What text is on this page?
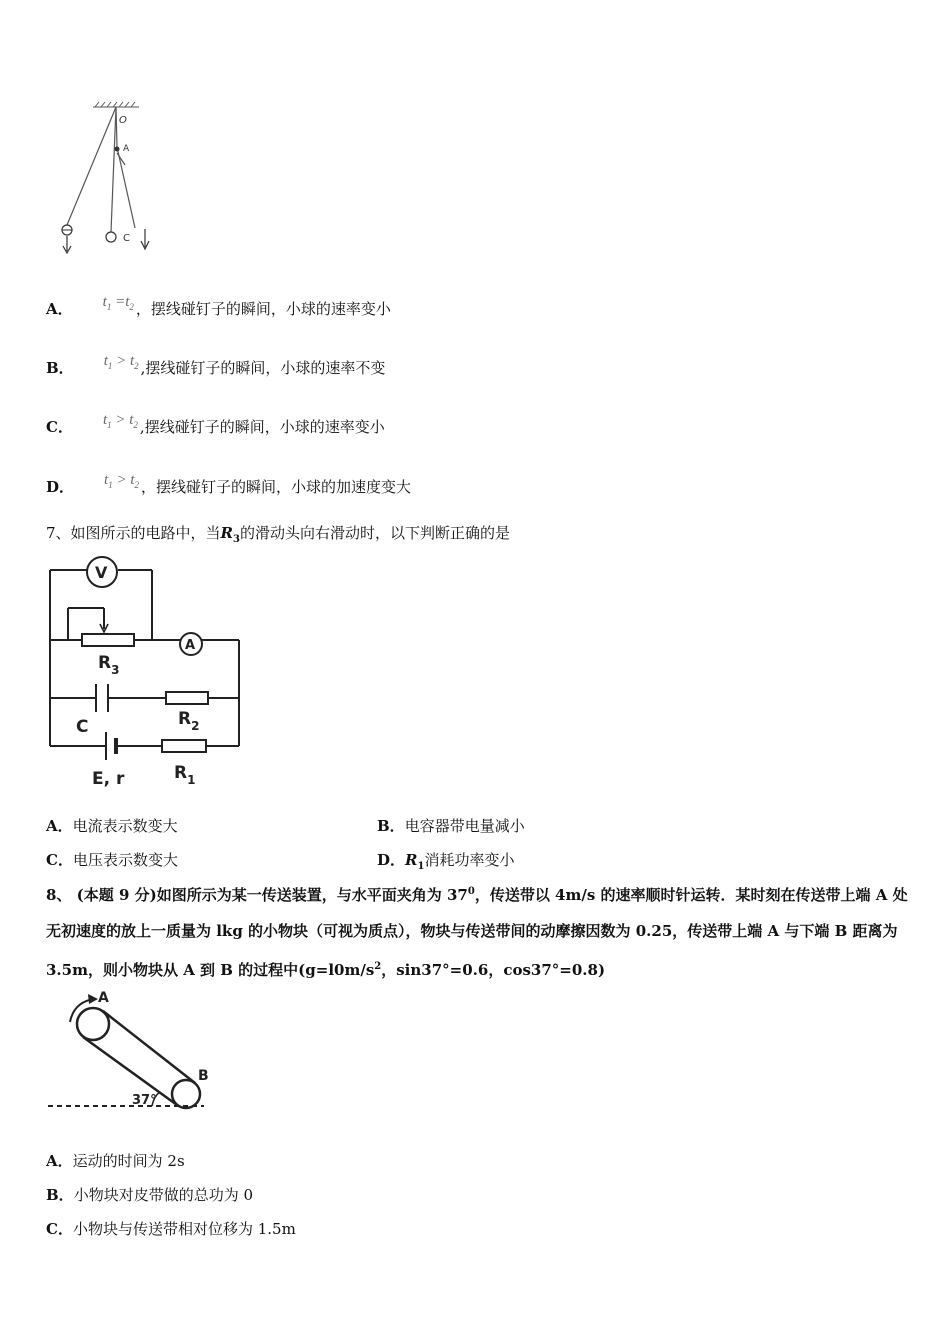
O
A
C
A． $t_1 =t_2$ ，摆线碰钉子的瞬间，小球的速率变小
B． $t_1 > t_2$ ,摆线碰钉子的瞬间，小球的速率不变
C． $t_1 > t_2$ ,摆线碰钉子的瞬间，小球的速率变小
D． $t_1 > t_2$ ，摆线碰钉子的瞬间，小球的加速度变大
7、如图所示的电路中，当$R_3$的滑动头向右滑动时，以下判断正确的是
V
A
$R_3$
C	$R_2$
E, r	$R_1$
A．电流表示数变大	B．电容器带电量减小
C．电压表示数变大	D．$R_1$消耗功率变小
8、 (本题 9 分)如图所示为某一传送装置，与水平面夹角为 $37^0$，传送带以 4m/s 的速率顺时针运转．某时刻在传送带上端 A 处无初速度的放上一质量为 lkg 的小物块（可视为质点），物块与传送带间的动摩擦因数为 0.25，传送带上端 A 与下端 B 距离为 3.5m，则小物块从 A 到 B 的过程中($g=l0m/s^2$，sin37°=0.6，cos37°=0.8)
A
B
37°
A．运动的时间为 2s
B．小物块对皮带做的总功为 0
C．小物块与传送带相对位移为 1.5m
